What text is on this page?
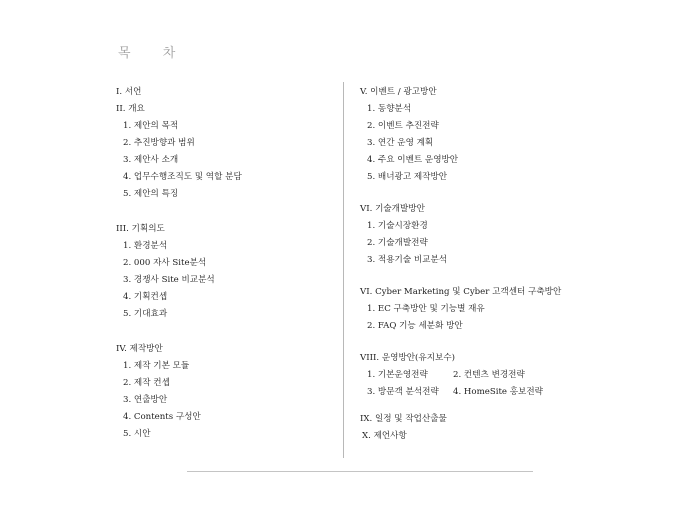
목 차
I. 서언
II. 개요
1. 제안의 목적
2. 추진방향과 범위
3. 제안사 소개
4. 업무수행조직도 및 역할 분담
5. 제안의 특징
III. 기획의도
1. 환경분석
2. 000 자사 Site분석
3. 경쟁사 Site 비교분석
4. 기획컨셉
5. 기대효과
IV. 제작방안
1. 제작 기본 모듈
2. 제작 컨셉
3. 연출방안
4. Contents 구성안
5. 시안
V. 이벤트 / 광고방안
1. 동향분석
2. 이벤트 추진전략
3. 연간 운영 계획
4. 주요 이벤트 운영방안
5. 배너광고 제작방안
VI. 기술개발방안
1. 기술시장환경
2. 기술개발전략
3. 적용기술 비교분석
VI. Cyber Marketing 및 Cyber 고객센터 구축방안
1. EC 구축방안 및 기능별 재유
2. FAQ 기능 세분화 방안
VIII. 운영방안(유지보수)
1. 기본운영전략	2. 컨텐츠 변경전략
3. 방문객 분석전략 4. HomeSite 홍보전략
IX. 일정 및 작업산출물
X. 제언사항
